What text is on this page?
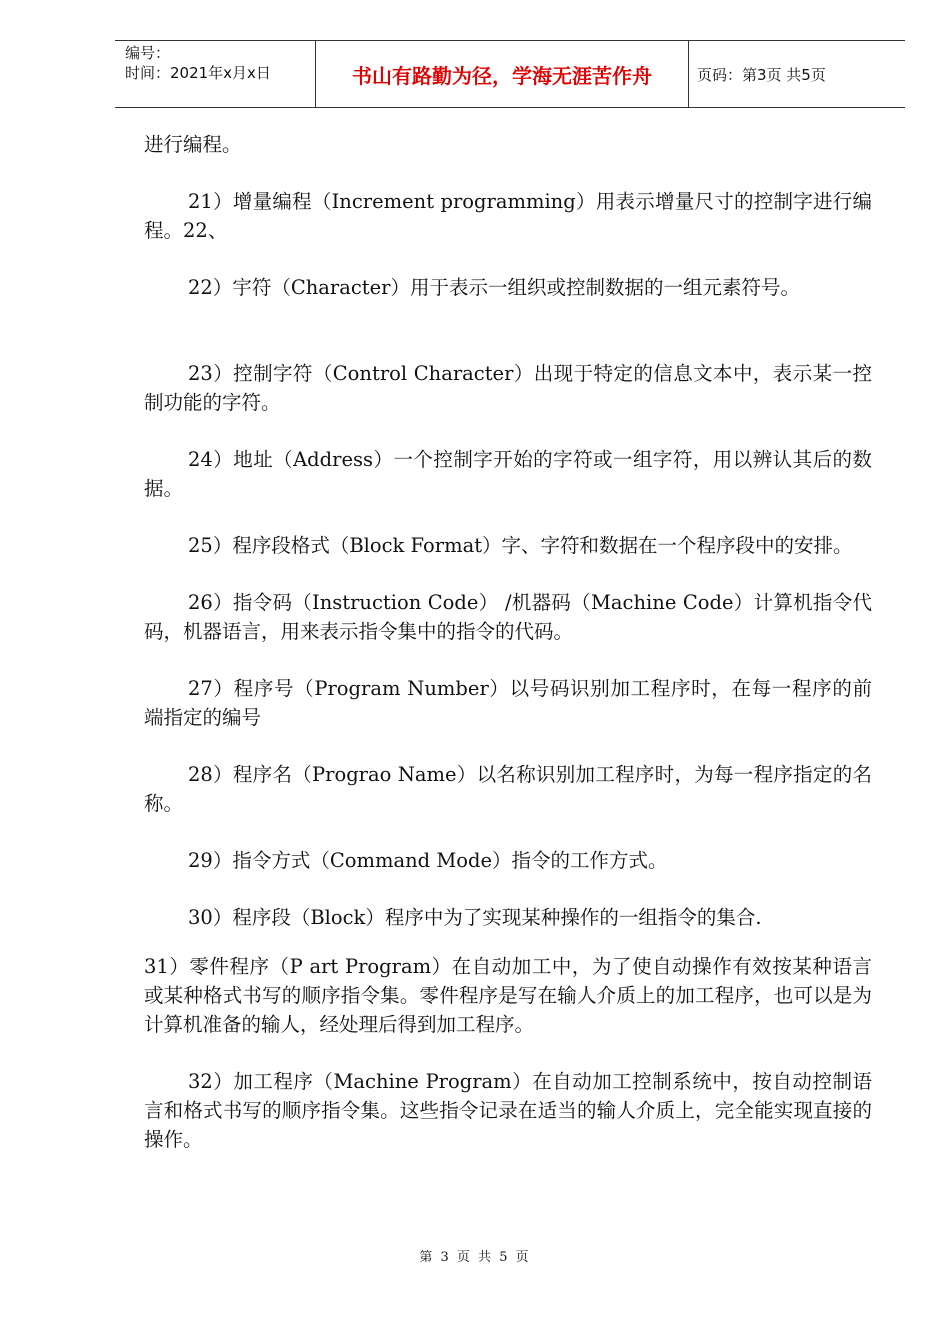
编号：
时间：2021年x月x日	书山有路勤为径，学海无涯苦作舟	页码：第3页 共5页

进行编程。

21）增量编程（Increment programming）用表示增量尺寸的控制字进行编程。22、

22）宇符（Character）用于表示一组织或控制数据的一组元素符号。

23）控制字符（Control Character）出现于特定的信息文本中，表示某一控制功能的字符。

24）地址（Address）一个控制字开始的字符或一组字符，用以辨认其后的数据。

25）程序段格式（Block Format）字、字符和数据在一个程序段中的安排。

26）指令码（Instruction Code） /机器码（Machine Code）计算机指令代码，机器语言，用来表示指令集中的指令的代码。

27）程序号（Program Number）以号码识别加工程序时，在每一程序的前端指定的编号

28）程序名（Prograo Name）以名称识别加工程序时，为每一程序指定的名称。

29）指令方式（Command Mode）指令的工作方式。

30）程序段（Block）程序中为了实现某种操作的一组指令的集合.

31）零件程序（P art Program）在自动加工中，为了使自动操作有效按某种语言或某种格式书写的顺序指令集。零件程序是写在输人介质上的加工程序，也可以是为计算机准备的输人，经处理后得到加工程序。

32）加工程序（Machine Program）在自动加工控制系统中，按自动控制语言和格式书写的顺序指令集。这些指令记录在适当的输人介质上，完全能实现直接的操作。

第 3 页 共 5 页
